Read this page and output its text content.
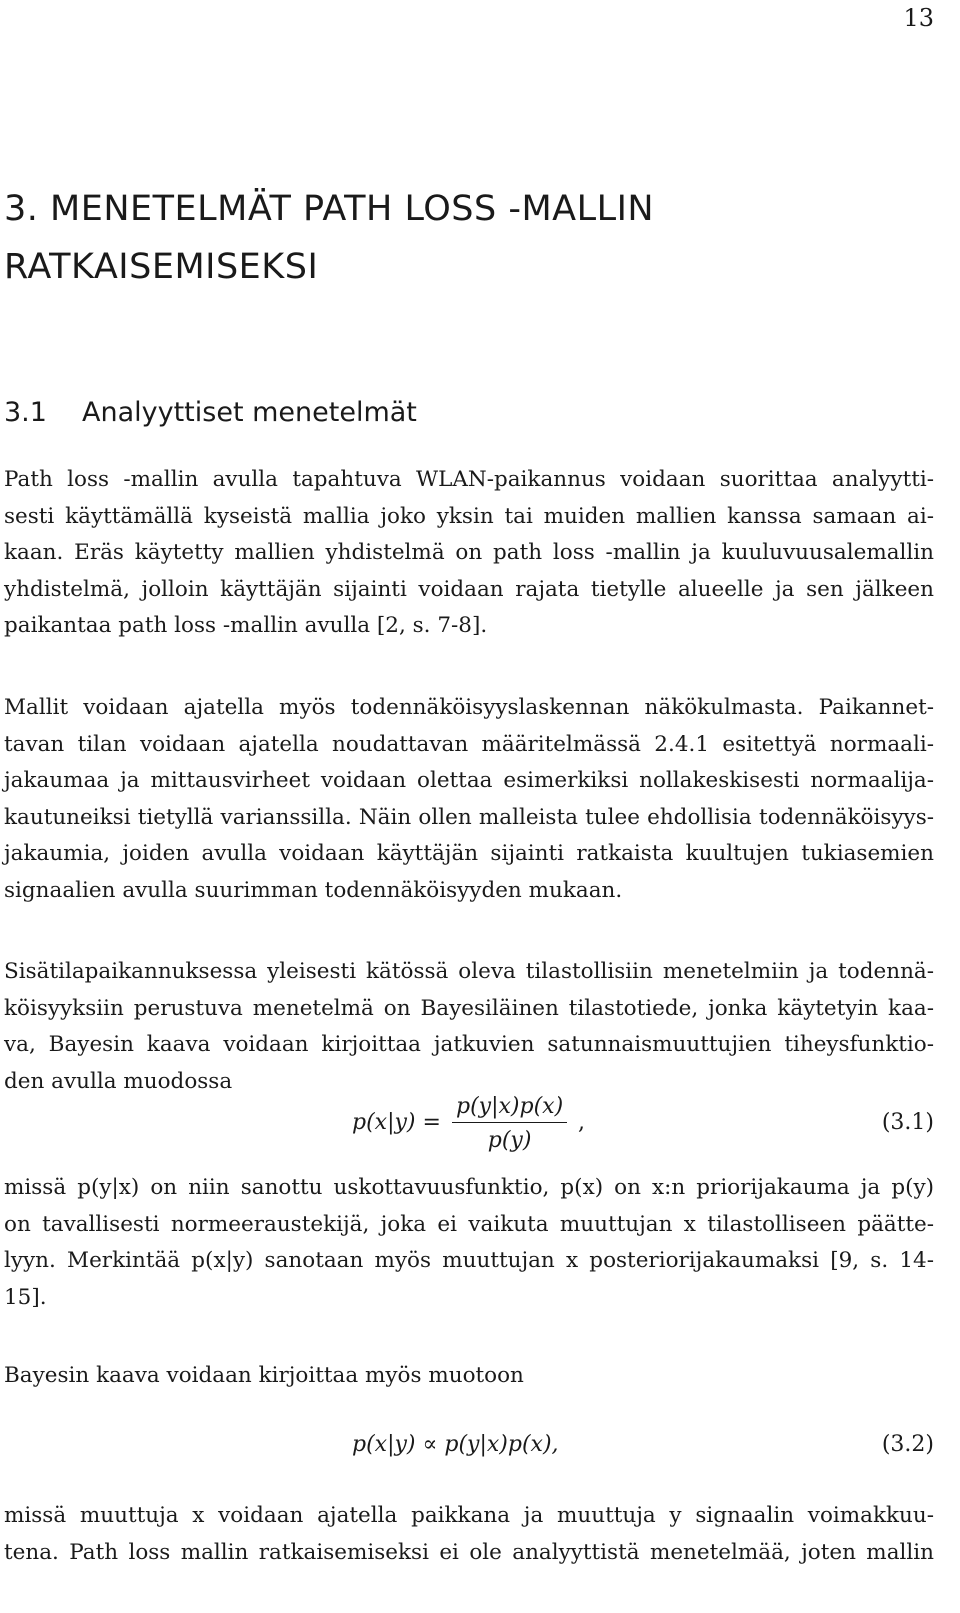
13
3. MENETELMÄT PATH LOSS -MALLIN
RATKAISEMISEKSI
3.1 Analyyttiset menetelmät

Path loss -mallin avulla tapahtuva WLAN-paikannus voidaan suorittaa analyytti-
sesti käyttämällä kyseistä mallia joko yksin tai muiden mallien kanssa samaan ai-
kaan. Eräs käytetty mallien yhdistelmä on path loss -mallin ja kuuluvuusalemallin
yhdistelmä, jolloin käyttäjän sijainti voidaan rajata tietylle alueelle ja sen jälkeen
paikantaa path loss -mallin avulla [2, s. 7-8].

Mallit voidaan ajatella myös todennäköisyyslaskennan näkökulmasta. Paikannet-
tavan tilan voidaan ajatella noudattavan määritelmässä 2.4.1 esitettyä normaali-
jakaumaa ja mittausvirheet voidaan olettaa esimerkiksi nollakeskisesti normaalija-
kautuneiksi tietyllä varianssilla. Näin ollen malleista tulee ehdollisia todennäköisyys-
jakaumia, joiden avulla voidaan käyttäjän sijainti ratkaista kuultujen tukiasemien
signaalien avulla suurimman todennäköisyyden mukaan.

Sisätilapaikannuksessa yleisesti kätössä oleva tilastollisiin menetelmiin ja todennä-
köisyyksiin perustuva menetelmä on Bayesiläinen tilastotiede, jonka käytetyin kaa-
va, Bayesin kaava voidaan kirjoittaa jatkuvien satunnaismuuttujien tiheysfunktio-
den avulla muodossa

$p(x|y) = \frac{p(y|x)p(x)}{p(y)}$ ,	(3.1)

missä p(y|x) on niin sanottu uskottavuusfunktio, p(x) on x:n priorijakauma ja p(y)
on tavallisesti normeeraustekijä, joka ei vaikuta muuttujan x tilastolliseen päätte-
lyyn. Merkintää p(x|y) sanotaan myös muuttujan x posteriorijakaumaksi [9, s. 14-
15].

Bayesin kaava voidaan kirjoittaa myös muotoon

p(x|y) ∝ p(y|x)p(x),	(3.2)

missä muuttuja x voidaan ajatella paikkana ja muuttuja y signaalin voimakkuu-
tena. Path loss mallin ratkaisemiseksi ei ole analyyttistä menetelmää, joten mallin
